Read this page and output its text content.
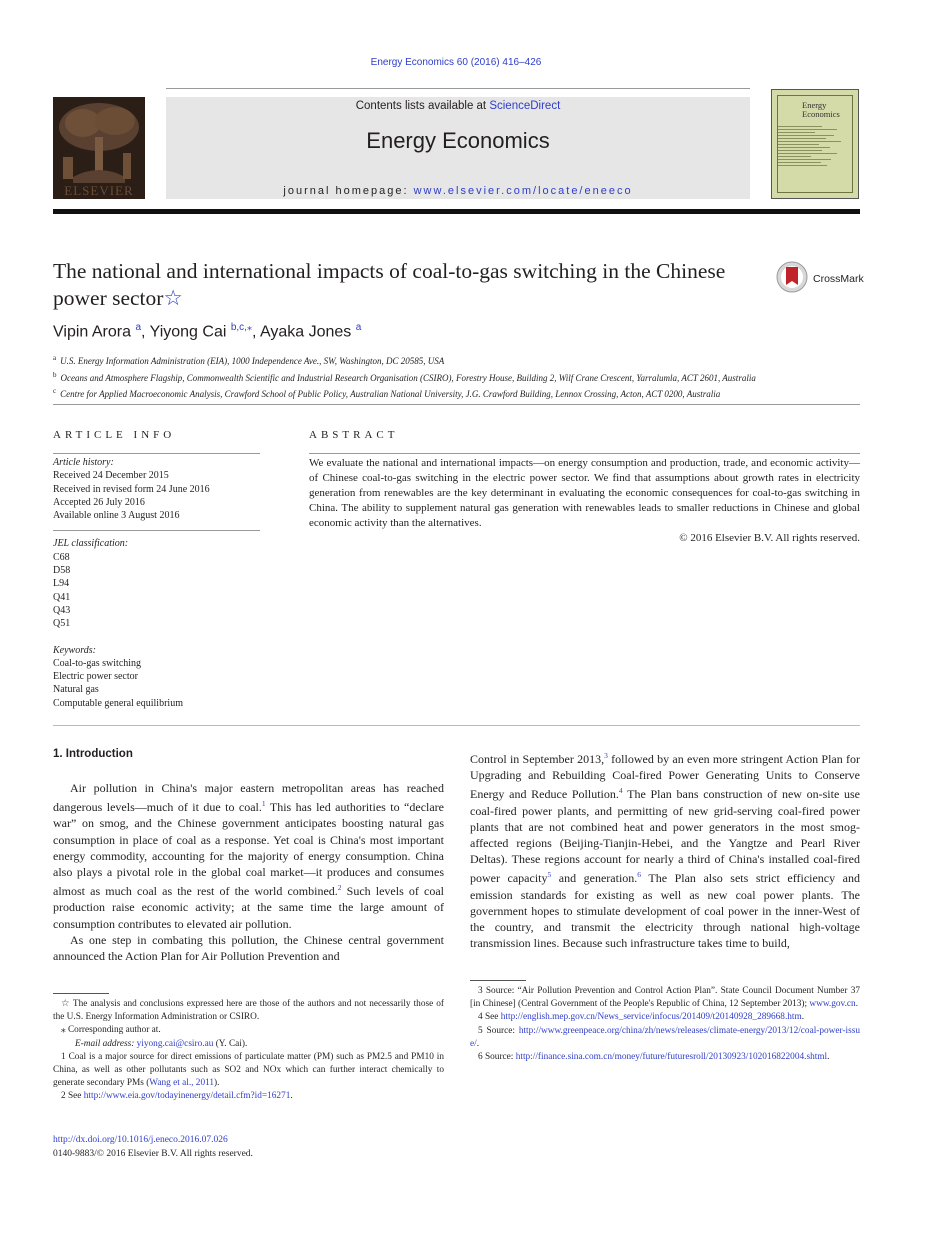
Energy Economics 60 (2016) 416–426
ELSEVIER
Contents lists available at ScienceDirect
Energy Economics
journal homepage: www.elsevier.com/locate/eneeco
Energy Economics
The national and international impacts of coal-to-gas switching in the Chinese power sector☆
CrossMark
Vipin Arora $^a$, Yiyong Cai $^{b,c,⁎}$, Ayaka Jones $^a$
$^a$ U.S. Energy Information Administration (EIA), 1000 Independence Ave., SW, Washington, DC 20585, USA
$^b$ Oceans and Atmosphere Flagship, Commonwealth Scientific and Industrial Research Organisation (CSIRO), Forestry House, Building 2, Wilf Crane Crescent, Yarralumla, ACT 2601, Australia
$^c$ Centre for Applied Macroeconomic Analysis, Crawford School of Public Policy, Australian National University, J.G. Crawford Building, Lennox Crossing, Acton, ACT 0200, Australia
ARTICLE INFO
Article history:
Received 24 December 2015
Received in revised form 24 June 2016
Accepted 26 July 2016
Available online 3 August 2016
JEL classification:
C68
D58
L94
Q41
Q43
Q51
Keywords:
Coal-to-gas switching
Electric power sector
Natural gas
Computable general equilibrium
ABSTRACT
We evaluate the national and international impacts—on energy consumption and production, trade, and economic activity—of Chinese coal-to-gas switching in the electric power sector. We find that assumptions about growth rates in electricity generation from renewables are the key determinant in evaluating the economic consequences for coal-to-gas switching in China. The ability to supplement natural gas generation with renewables leads to smaller reductions in Chinese and global economic activity than the alternatives.
© 2016 Elsevier B.V. All rights reserved.
1. Introduction

Air pollution in China's major eastern metropolitan areas has reached dangerous levels—much of it due to coal.$^1$ This has led authorities to “declare war” on smog, and the Chinese government anticipates boosting natural gas consumption in place of coal as a response. Yet coal is China's most important energy commodity, accounting for the majority of energy consumption. China also plays a pivotal role in the global coal market—it produces and consumes almost as much coal as the rest of the world combined.$^2$ Such levels of coal production raise economic activity; at the same time the large amount of consumption contributes to elevated air pollution.

As one step in combating this pollution, the Chinese central government announced the Action Plan for Air Pollution Prevention and

Control in September 2013,$^3$ followed by an even more stringent Action Plan for Upgrading and Rebuilding Coal-fired Power Generating Units to Conserve Energy and Reduce Pollution.$^4$ The Plan bans construction of new on-site use coal-fired power plants, and permitting of new grid-serving coal-fired power plants that are not combined heat and power generators in the most smog-affected regions (Beijing-Tianjin-Hebei, and the Yangtze and Pearl River Deltas). These regions account for nearly a third of China's installed coal-fired power capacity$^5$ and generation.$^6$ The Plan also sets strict efficiency and emission standards for existing as well as new coal power plants. The government hopes to stimulate development of coal power in the inner-West of the country, and transmit the electricity through national high-voltage transmission lines. Because such infrastructure takes time to build,

☆ The analysis and conclusions expressed here are those of the authors and not necessarily those of the U.S. Energy Information Administration or CSIRO.

⁎ Corresponding author at.

E-mail address: yiyong.cai@csiro.au (Y. Cai).

1 Coal is a major source for direct emissions of particulate matter (PM) such as PM2.5 and PM10 in China, as well as other pollutants such as SO2 and NOx which can further interact chemically to generate secondary PMs (Wang et al., 2011).

2 See http://www.eia.gov/todayinenergy/detail.cfm?id=16271.

3 Source: “Air Pollution Prevention and Control Action Plan”. State Council Document Number 37 [in Chinese] (Central Government of the People's Republic of China, 12 September 2013); www.gov.cn.

4 See http://english.mep.gov.cn/News_service/infocus/201409/t20140928_289668.htm.

5 Source: http://www.greenpeace.org/china/zh/news/releases/climate-energy/2013/12/coal-power-issue/.

6 Source: http://finance.sina.com.cn/money/future/futuresroll/20130923/102016822004.shtml.

http://dx.doi.org/10.1016/j.eneco.2016.07.026
0140-9883/© 2016 Elsevier B.V. All rights reserved.
